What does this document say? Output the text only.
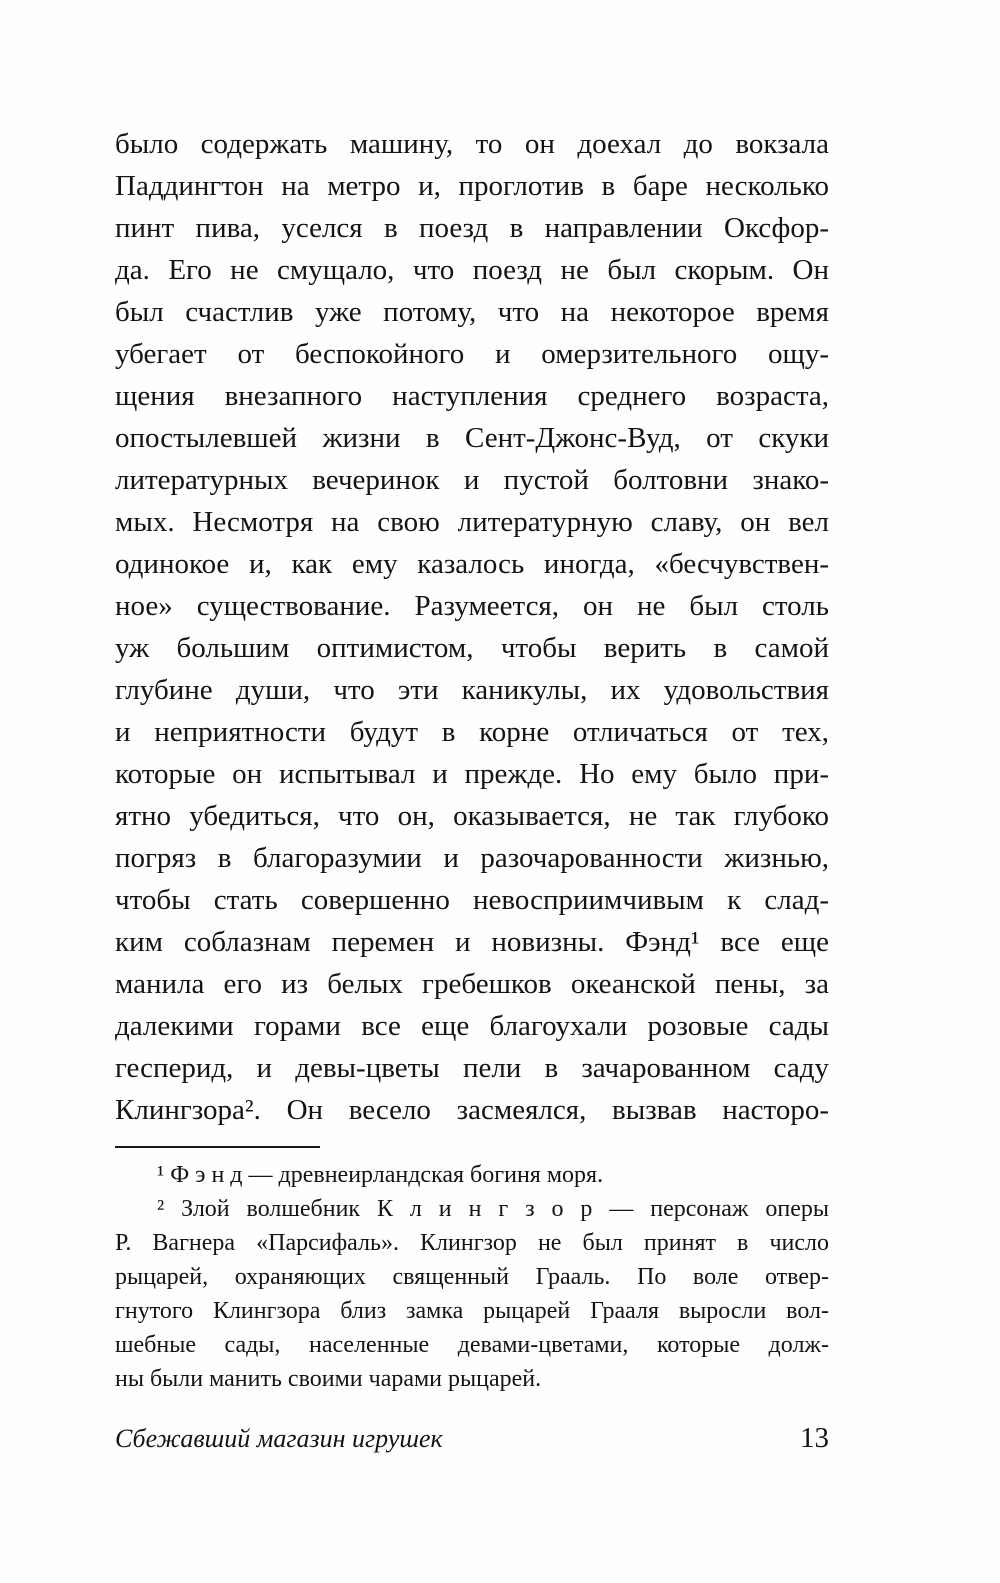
было содержать машину, то он доехал до вокзала
Паддингтон на метро и, проглотив в баре несколько
пинт пива, уселся в поезд в направлении Оксфор-
да. Его не смущало, что поезд не был скорым. Он
был счастлив уже потому, что на некоторое время
убегает от беспокойного и омерзительного ощу-
щения внезапного наступления среднего возраста,
опостылевшей жизни в Сент-Джонс-Вуд, от скуки
литературных вечеринок и пустой болтовни знако-
мых. Несмотря на свою литературную славу, он вел
одинокое и, как ему казалось иногда, «бесчувствен-
ное» существование. Разумеется, он не был столь
уж большим оптимистом, чтобы верить в самой
глубине души, что эти каникулы, их удовольствия
и неприятности будут в корне отличаться от тех,
которые он испытывал и прежде. Но ему было при-
ятно убедиться, что он, оказывается, не так глубоко
погряз в благоразумии и разочарованности жизнью,
чтобы стать совершенно невосприимчивым к слад-
ким соблазнам перемен и новизны. Фэнд¹ все еще
манила его из белых гребешков океанской пены, за
далекими горами все еще благоухали розовые сады
гесперид, и девы-цветы пели в зачарованном саду
Клингзора². Он весело засмеялся, вызвав насторо-
¹ Ф э н д — древнеирландская богиня моря.
² Злой волшебник К л и н г з о р — персонаж оперы
Р. Вагнера «Парсифаль». Клингзор не был принят в число
рыцарей, охраняющих священный Грааль. По воле отвер-
гнутого Клингзора близ замка рыцарей Грааля выросли вол-
шебные сады, населенные девами-цветами, которые долж-
ны были манить своими чарами рыцарей.
Сбежавший магазин игрушек	13
